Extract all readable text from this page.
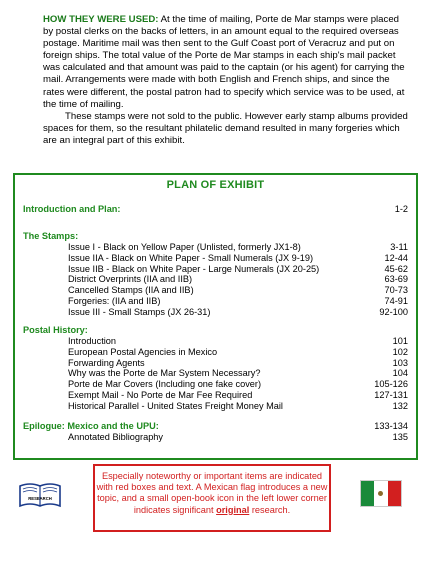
HOW THEY WERE USED: At the time of mailing, Porte de Mar stamps were placed by postal clerks on the backs of letters, in an amount equal to the required overseas postage. Maritime mail was then sent to the Gulf Coast port of Veracruz and put on foreign ships. The total value of the Porte de Mar stamps in each ship's mail packet was calculated and that amount was paid to the captain (or his agent) for carrying the mail. Arrangements were made with both English and French ships, and since the rates were different, the postal patron had to specify which service was to be used, at the time of mailing.

These stamps were not sold to the public. However early stamp albums provided spaces for them, so the resultant philatelic demand resulted in many forgeries which are an integral part of this exhibit.

PLAN OF EXHIBIT
Introduction and Plan:	1-2
The Stamps:
Issue I - Black on Yellow Paper (Unlisted, formerly JX1-8)	3-11
Issue IIA - Black on White Paper - Small Numerals (JX 9-19)	12-44
Issue IIB - Black on White Paper - Large Numerals (JX 20-25)	45-62
District Overprints (IIA and IIB)	63-69
Cancelled Stamps (IIA and IIB)	70-73
Forgeries: (IIA and IIB)	74-91
Issue III - Small Stamps (JX 26-31)	92-100
Postal History:
Introduction	101
European Postal Agencies in Mexico	102
Forwarding Agents	103
Why was the Porte de Mar System Necessary?	104
Porte de Mar Covers (Including one fake cover)	105-126
Exempt Mail - No Porte de Mar Fee Required	127-131
Historical Parallel - United States Freight Money Mail	132
Epilogue: Mexico and the UPU:	133-134
Annotated Bibliography	135
RESEARCH
Especially noteworthy or important items are indicated with red boxes and text. A Mexican flag introduces a new topic, and a small open-book icon in the left lower corner indicates significant original research.
